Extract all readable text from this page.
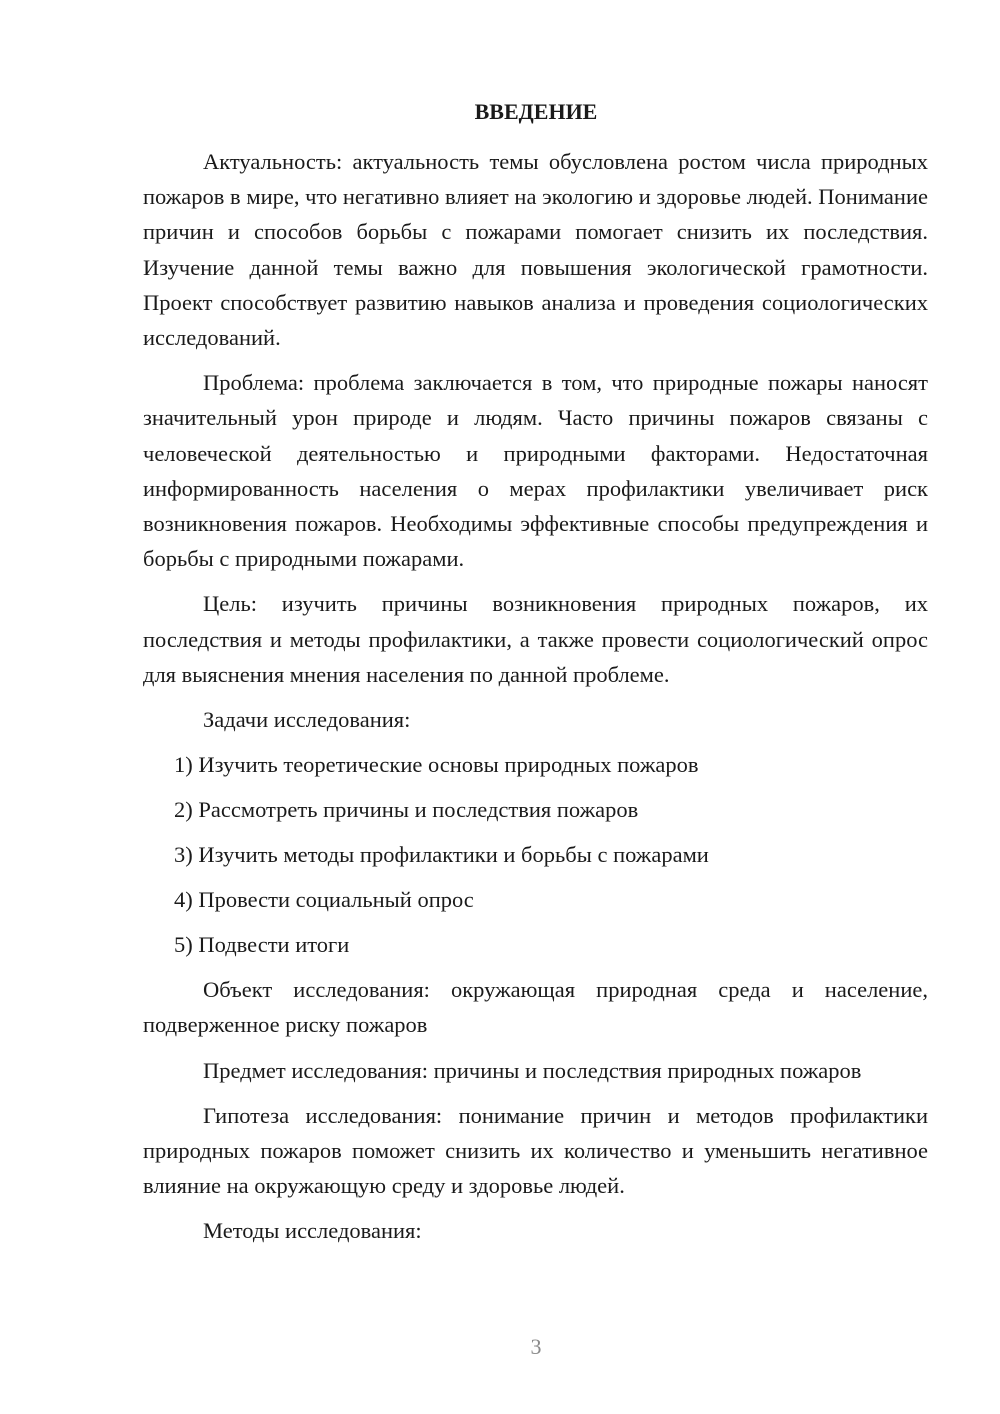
ВВЕДЕНИЕ

Актуальность: актуальность темы обусловлена ростом числа природных пожаров в мире, что негативно влияет на экологию и здоровье людей. Понимание причин и способов борьбы с пожарами помогает снизить их последствия. Изучение данной темы важно для повышения экологической грамотности. Проект способствует развитию навыков анализа и проведения социологических исследований.

Проблема: проблема заключается в том, что природные пожары наносят значительный урон природе и людям. Часто причины пожаров связаны с человеческой деятельностью и природными факторами. Недостаточная информированность населения о мерах профилактики увеличивает риск возникновения пожаров. Необходимы эффективные способы предупреждения и борьбы с природными пожарами.

Цель: изучить причины возникновения природных пожаров, их последствия и методы профилактики, а также провести социологический опрос для выяснения мнения населения по данной проблеме.

Задачи исследования:

1) Изучить теоретические основы природных пожаров

2) Рассмотреть причины и последствия пожаров

3) Изучить методы профилактики и борьбы с пожарами

4) Провести социальный опрос

5) Подвести итоги

Объект исследования: окружающая природная среда и население, подверженное риску пожаров

Предмет исследования: причины и последствия природных пожаров

Гипотеза исследования: понимание причин и методов профилактики природных пожаров поможет снизить их количество и уменьшить негативное влияние на окружающую среду и здоровье людей.

Методы исследования:

3
